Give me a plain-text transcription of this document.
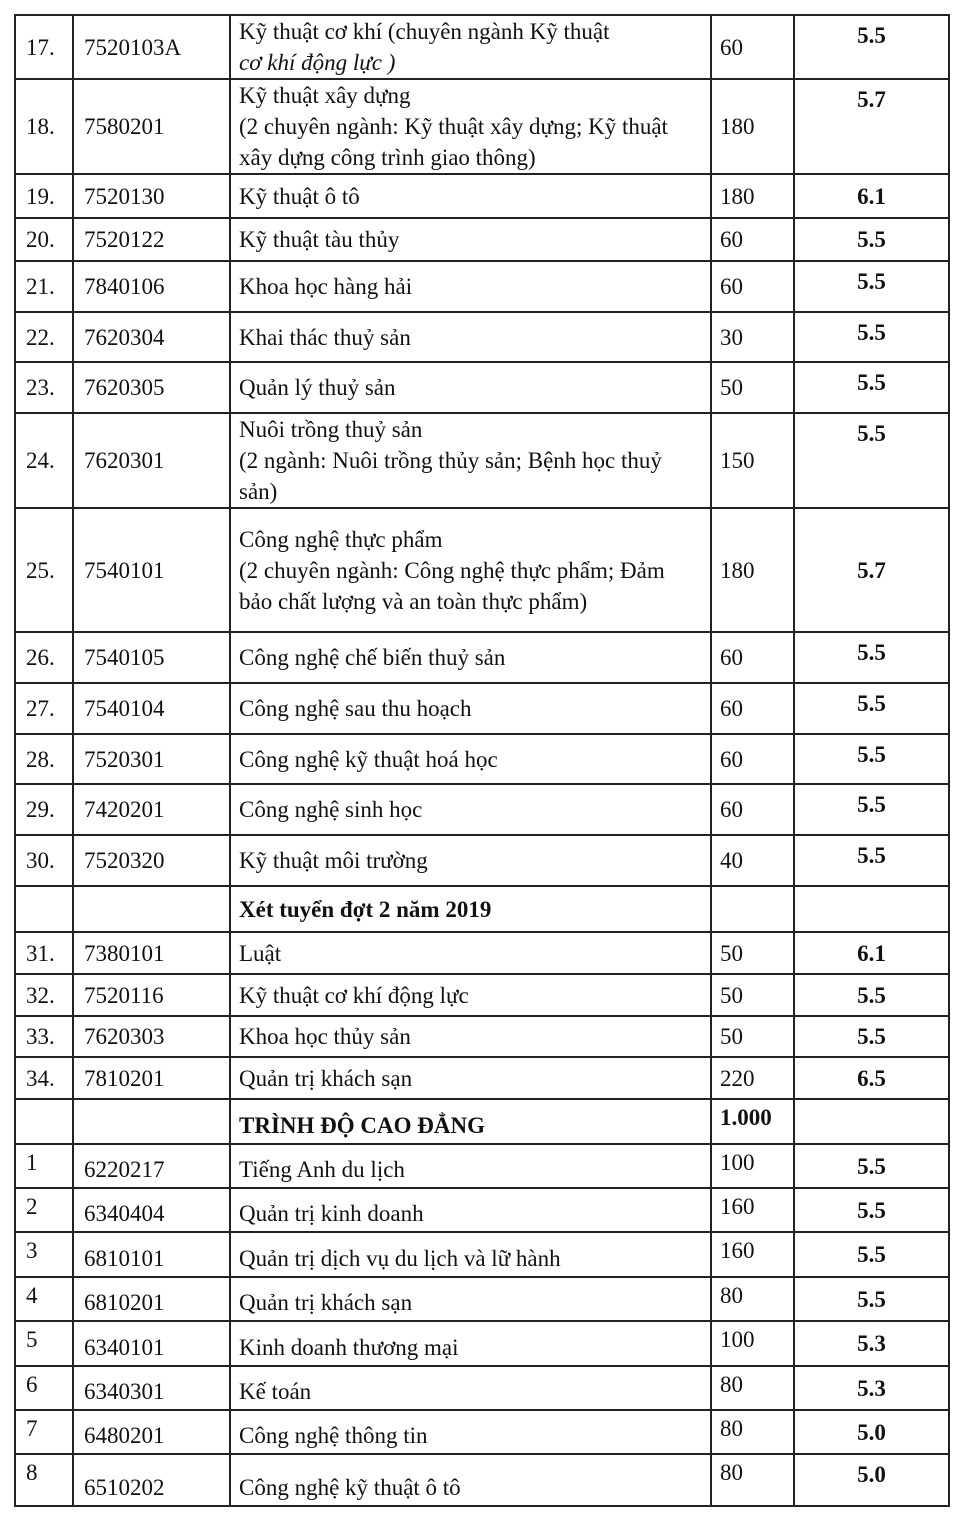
17.	7520103A	Kỹ thuật cơ khí (chuyên ngành Kỹ thuật
cơ khí động lực )	60	5.5
18.	7580201	Kỹ thuật xây dựng
(2 chuyên ngành: Kỹ thuật xây dựng; Kỹ thuật xây dựng công trình giao thông)	180	5.7
19.	7520130	Kỹ thuật ô tô	180	6.1
20.	7520122	Kỹ thuật tàu thủy	60	5.5
21.	7840106	Khoa học hàng hải	60	5.5
22.	7620304	Khai thác thuỷ sản	30	5.5
23.	7620305	Quản lý thuỷ sản	50	5.5
24.	7620301	Nuôi trồng thuỷ sản
(2 ngành: Nuôi trồng thủy sản; Bệnh học thuỷ sản)	150	5.5
25.	7540101	Công nghệ thực phẩm
(2 chuyên ngành: Công nghệ thực phẩm; Đảm bảo chất lượng và an toàn thực phẩm)	180	5.7
26.	7540105	Công nghệ chế biến thuỷ sản	60	5.5
27.	7540104	Công nghệ sau thu hoạch	60	5.5
28.	7520301	Công nghệ kỹ thuật hoá học	60	5.5
29.	7420201	Công nghệ sinh học	60	5.5
30.	7520320	Kỹ thuật môi trường	40	5.5
		Xét tuyển đợt 2 năm 2019		
31.	7380101	Luật	50	6.1
32.	7520116	Kỹ thuật cơ khí động lực	50	5.5
33.	7620303	Khoa học thủy sản	50	5.5
34.	7810201	Quản trị khách sạn	220	6.5
		TRÌNH ĐỘ CAO ĐẲNG	1.000	
1	6220217	Tiếng Anh du lịch	100	5.5
2	6340404	Quản trị kinh doanh	160	5.5
3	6810101	Quản trị dịch vụ du lịch và lữ hành	160	5.5
4	6810201	Quản trị khách sạn	80	5.5
5	6340101	Kinh doanh thương mại	100	5.3
6	6340301	Kế toán	80	5.3
7	6480201	Công nghệ thông tin	80	5.0
8	6510202	Công nghệ kỹ thuật ô tô	80	5.0
